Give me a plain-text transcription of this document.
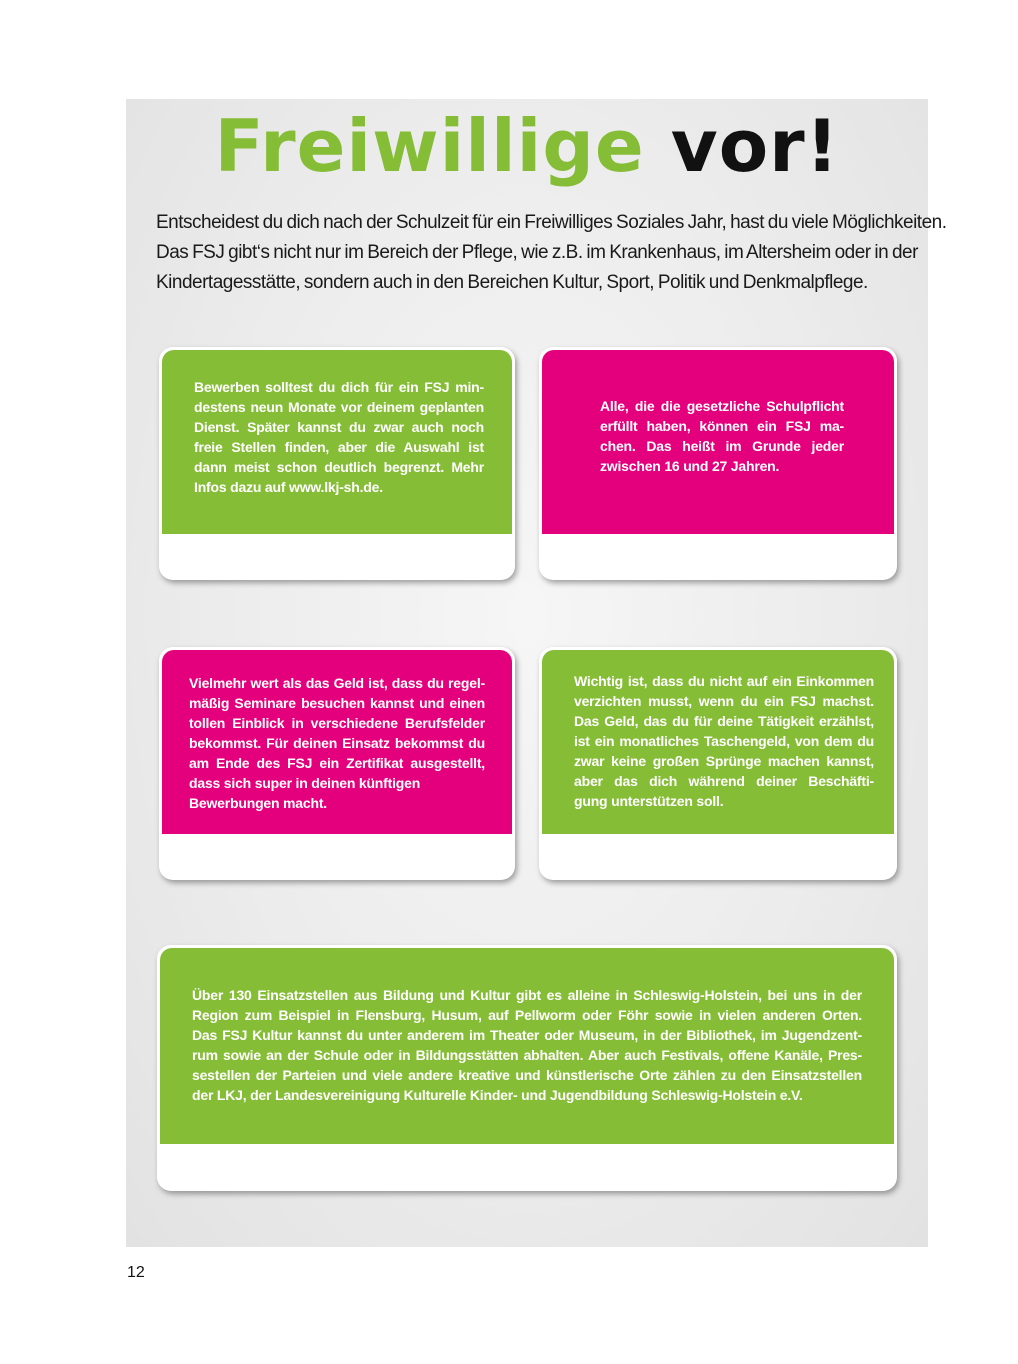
Freiwillige vor!
Entscheidest du dich nach der Schulzeit für ein Freiwilliges Soziales Jahr, hast du viele Möglichkeiten.
Das FSJ gibt‘s nicht nur im Bereich der Pflege, wie z.B. im Krankenhaus, im Altersheim oder in der
Kindertagesstätte, sondern auch in den Bereichen Kultur, Sport, Politik und Denkmalpflege.
Bewerben solltest du dich für ein FSJ min-
destens neun Monate vor deinem geplanten
Dienst. Später kannst du zwar auch noch
freie Stellen finden, aber die Auswahl ist
dann meist schon deutlich begrenzt. Mehr
Infos dazu auf www.lkj-sh.de.
Alle, die die gesetzliche Schulpflicht
erfüllt haben, können ein FSJ ma-
chen. Das heißt im Grunde jeder
zwischen 16 und 27 Jahren.
Vielmehr wert als das Geld ist, dass du regel-
mäßig Seminare besuchen kannst und einen
tollen Einblick in verschiedene Berufsfelder
bekommst. Für deinen Einsatz bekommst du
am Ende des FSJ ein Zertifikat ausgestellt,
dass sich super in deinen künftigen
Bewerbungen macht.
Wichtig ist, dass du nicht auf ein Einkommen
verzichten musst, wenn du ein FSJ machst.
Das Geld, das du für deine Tätigkeit erzählst,
ist ein monatliches Taschengeld, von dem du
zwar keine großen Sprünge machen kannst,
aber das dich während deiner Beschäfti-
gung unterstützen soll.
Über 130 Einsatzstellen aus Bildung und Kultur gibt es alleine in Schleswig-Holstein, bei uns in der
Region zum Beispiel in Flensburg, Husum, auf Pellworm oder Föhr sowie in vielen anderen Orten.
Das FSJ Kultur kannst du unter anderem im Theater oder Museum, in der Bibliothek, im Jugendzent-
rum sowie an der Schule oder in Bildungsstätten abhalten. Aber auch Festivals, offene Kanäle, Pres-
sestellen der Parteien und viele andere kreative und künstlerische Orte zählen zu den Einsatzstellen
der LKJ, der Landesvereinigung Kulturelle Kinder- und Jugendbildung Schleswig-Holstein e.V.

12
